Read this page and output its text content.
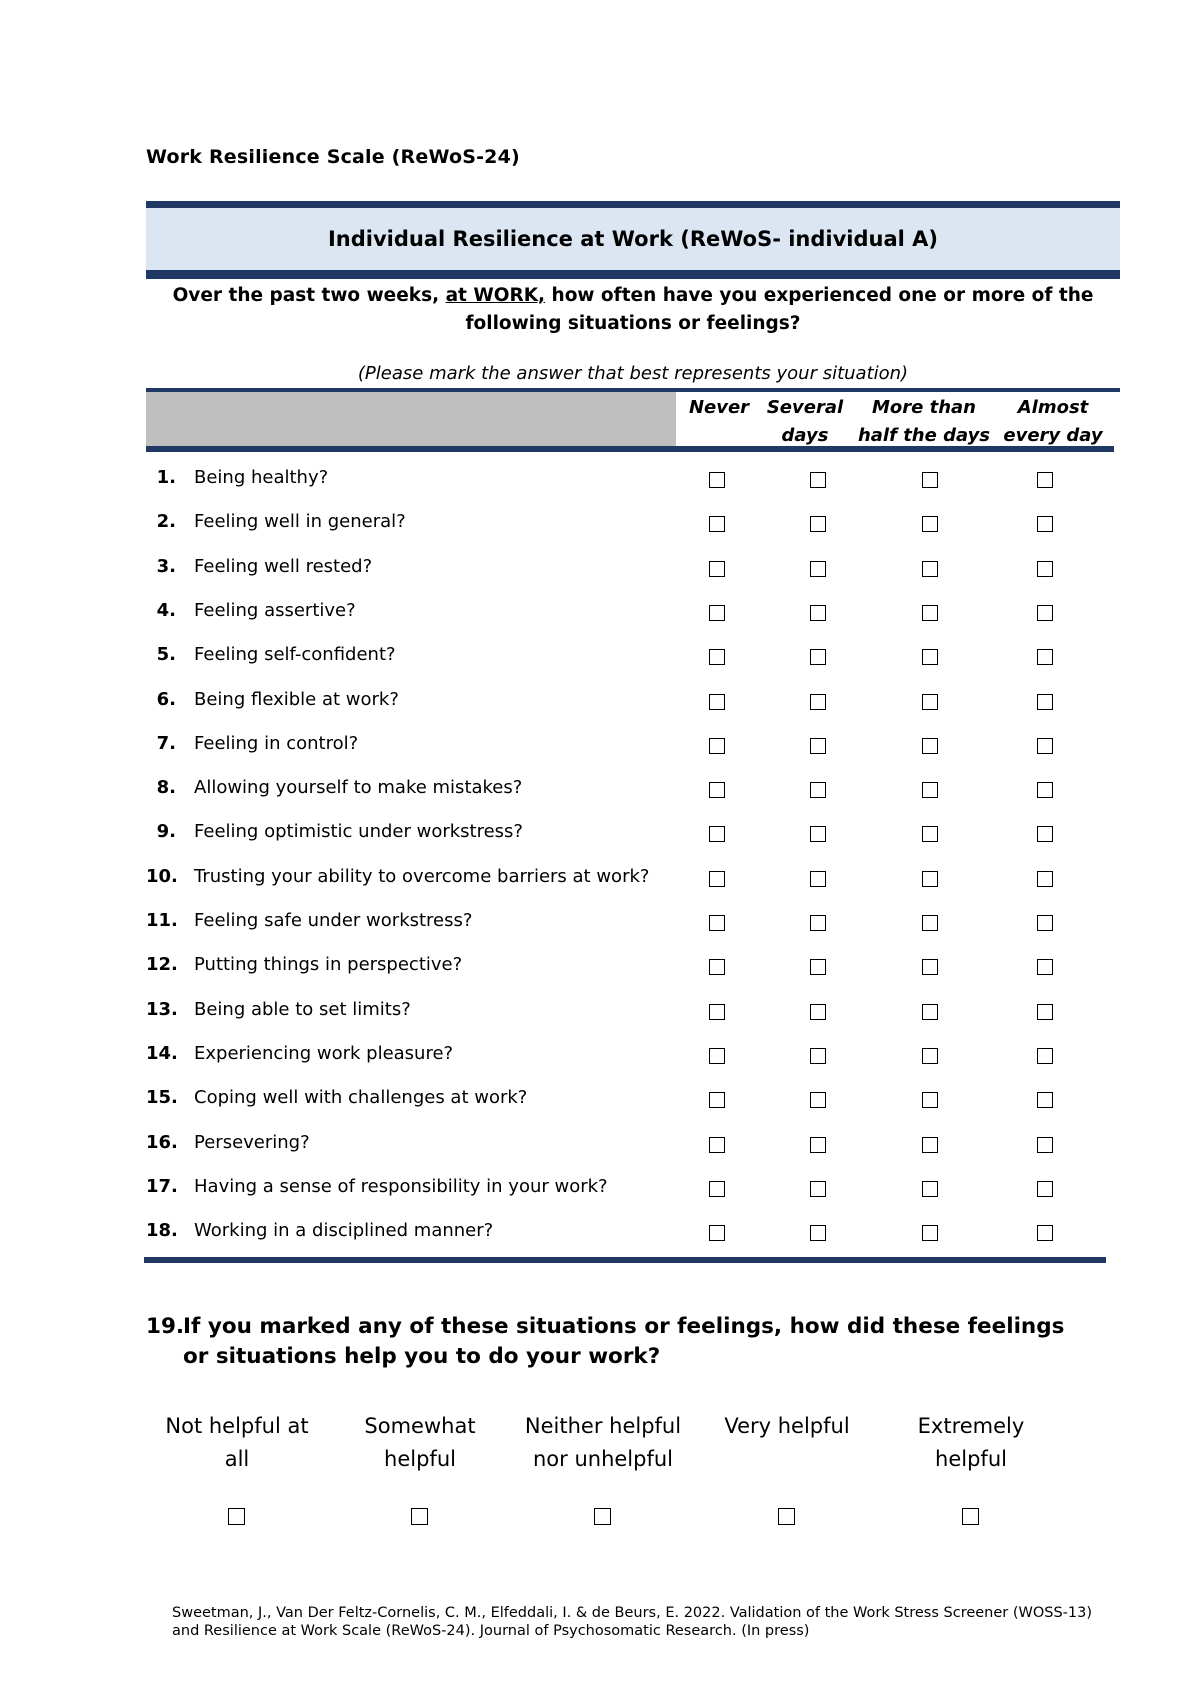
Work Resilience Scale (ReWoS-24)
Individual Resilience at Work (ReWoS- individual A)
Over the past two weeks, at WORK, how often have you experienced one or more of the following situations or feelings?
(Please mark the answer that best represents your situation)
Never Several
days
More than
half the days
Almost
every day
1. Being healthy?
2. Feeling well in general?
3. Feeling well rested?
4. Feeling assertive?
5. Feeling self-confident?
6. Being flexible at work?
7. Feeling in control?
8. Allowing yourself to make mistakes?
9. Feeling optimistic under workstress?
10. Trusting your ability to overcome barriers at work?
11. Feeling safe under workstress?
12. Putting things in perspective?
13. Being able to set limits?
14. Experiencing work pleasure?
15. Coping well with challenges at work?
16. Persevering?
17. Having a sense of responsibility in your work?
18. Working in a disciplined manner?
19.
If you marked any of these situations or feelings, how did these feelings or situations help you to do your work?
Not helpful at
all
Somewhat
helpful
Neither helpful
nor unhelpful
Very helpful	Extremely
helpful
Sweetman, J., Van Der Feltz-Cornelis, C. M., Elfeddali, I. & de Beurs, E. 2022. Validation of the Work Stress Screener (WOSS-13)
and Resilience at Work Scale (ReWoS-24). Journal of Psychosomatic Research. (In press)
